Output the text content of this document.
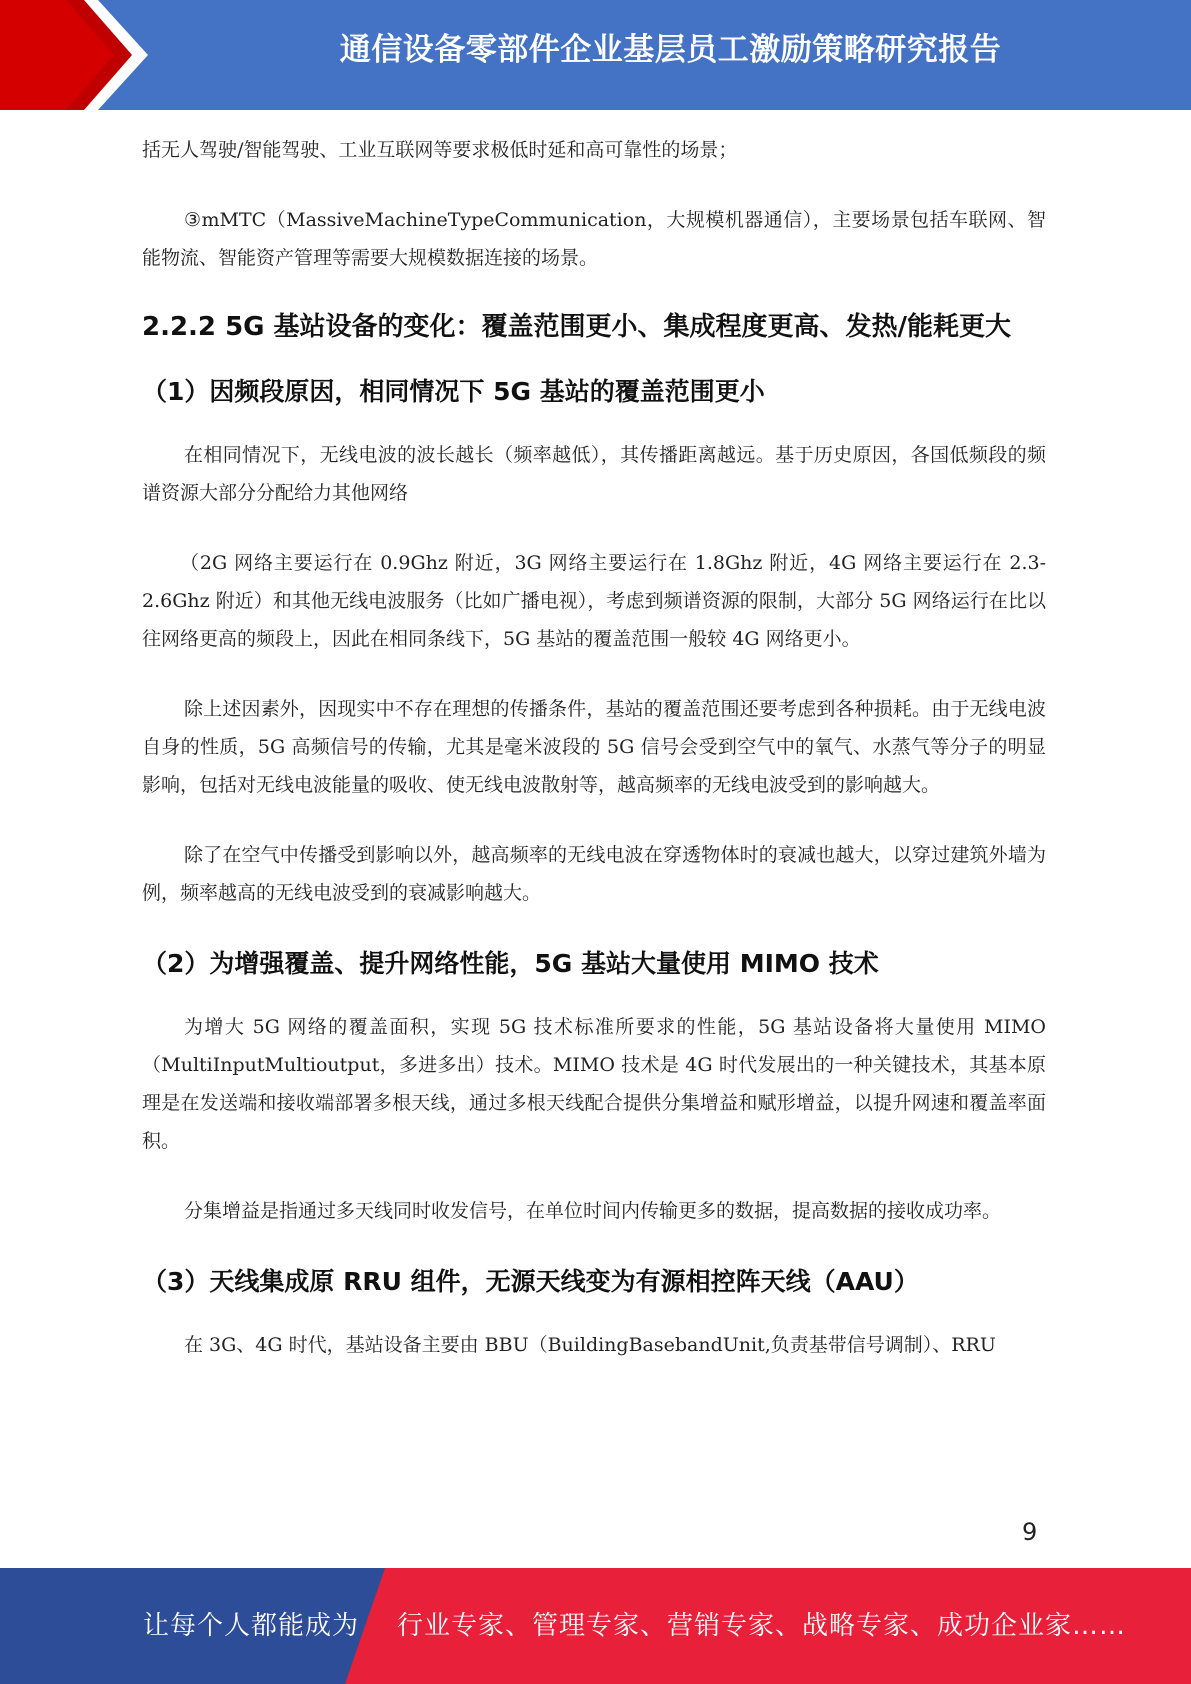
通信设备零部件企业基层员工激励策略研究报告

括无人驾驶/智能驾驶、工业互联网等要求极低时延和高可靠性的场景；

③mMTC（MassiveMachineTypeCommunication，大规模机器通信），主要场景包括车联网、智能物流、智能资产管理等需要大规模数据连接的场景。

2.2.2 5G 基站设备的变化：覆盖范围更小、集成程度更高、发热/能耗更大
（1）因频段原因，相同情况下 5G 基站的覆盖范围更小

在相同情况下，无线电波的波长越长（频率越低），其传播距离越远。基于历史原因，各国低频段的频谱资源大部分分配给力其他网络

（2G 网络主要运行在 0.9Ghz 附近，3G 网络主要运行在 1.8Ghz 附近，4G 网络主要运行在 2.3-2.6Ghz 附近）和其他无线电波服务（比如广播电视），考虑到频谱资源的限制，大部分 5G 网络运行在比以往网络更高的频段上，因此在相同条线下，5G 基站的覆盖范围一般较 4G 网络更小。

除上述因素外，因现实中不存在理想的传播条件，基站的覆盖范围还要考虑到各种损耗。由于无线电波自身的性质，5G 高频信号的传输，尤其是毫米波段的 5G 信号会受到空气中的氧气、水蒸气等分子的明显影响，包括对无线电波能量的吸收、使无线电波散射等，越高频率的无线电波受到的影响越大。

除了在空气中传播受到影响以外，越高频率的无线电波在穿透物体时的衰减也越大，以穿过建筑外墙为例，频率越高的无线电波受到的衰减影响越大。

（2）为增强覆盖、提升网络性能，5G 基站大量使用 MIMO 技术

为增大 5G 网络的覆盖面积，实现 5G 技术标准所要求的性能，5G 基站设备将大量使用 MIMO（MultiInputMultioutput，多进多出）技术。MIMO 技术是 4G 时代发展出的一种关键技术，其基本原理是在发送端和接收端部署多根天线，通过多根天线配合提供分集增益和赋形增益，以提升网速和覆盖率面积。

分集增益是指通过多天线同时收发信号，在单位时间内传输更多的数据，提高数据的接收成功率。

（3）天线集成原 RRU 组件，无源天线变为有源相控阵天线（AAU）

在 3G、4G 时代，基站设备主要由 BBU（BuildingBasebandUnit,负责基带信号调制）、RRU

9
让每个人都能成为 行业专家、管理专家、营销专家、战略专家、成功企业家……
